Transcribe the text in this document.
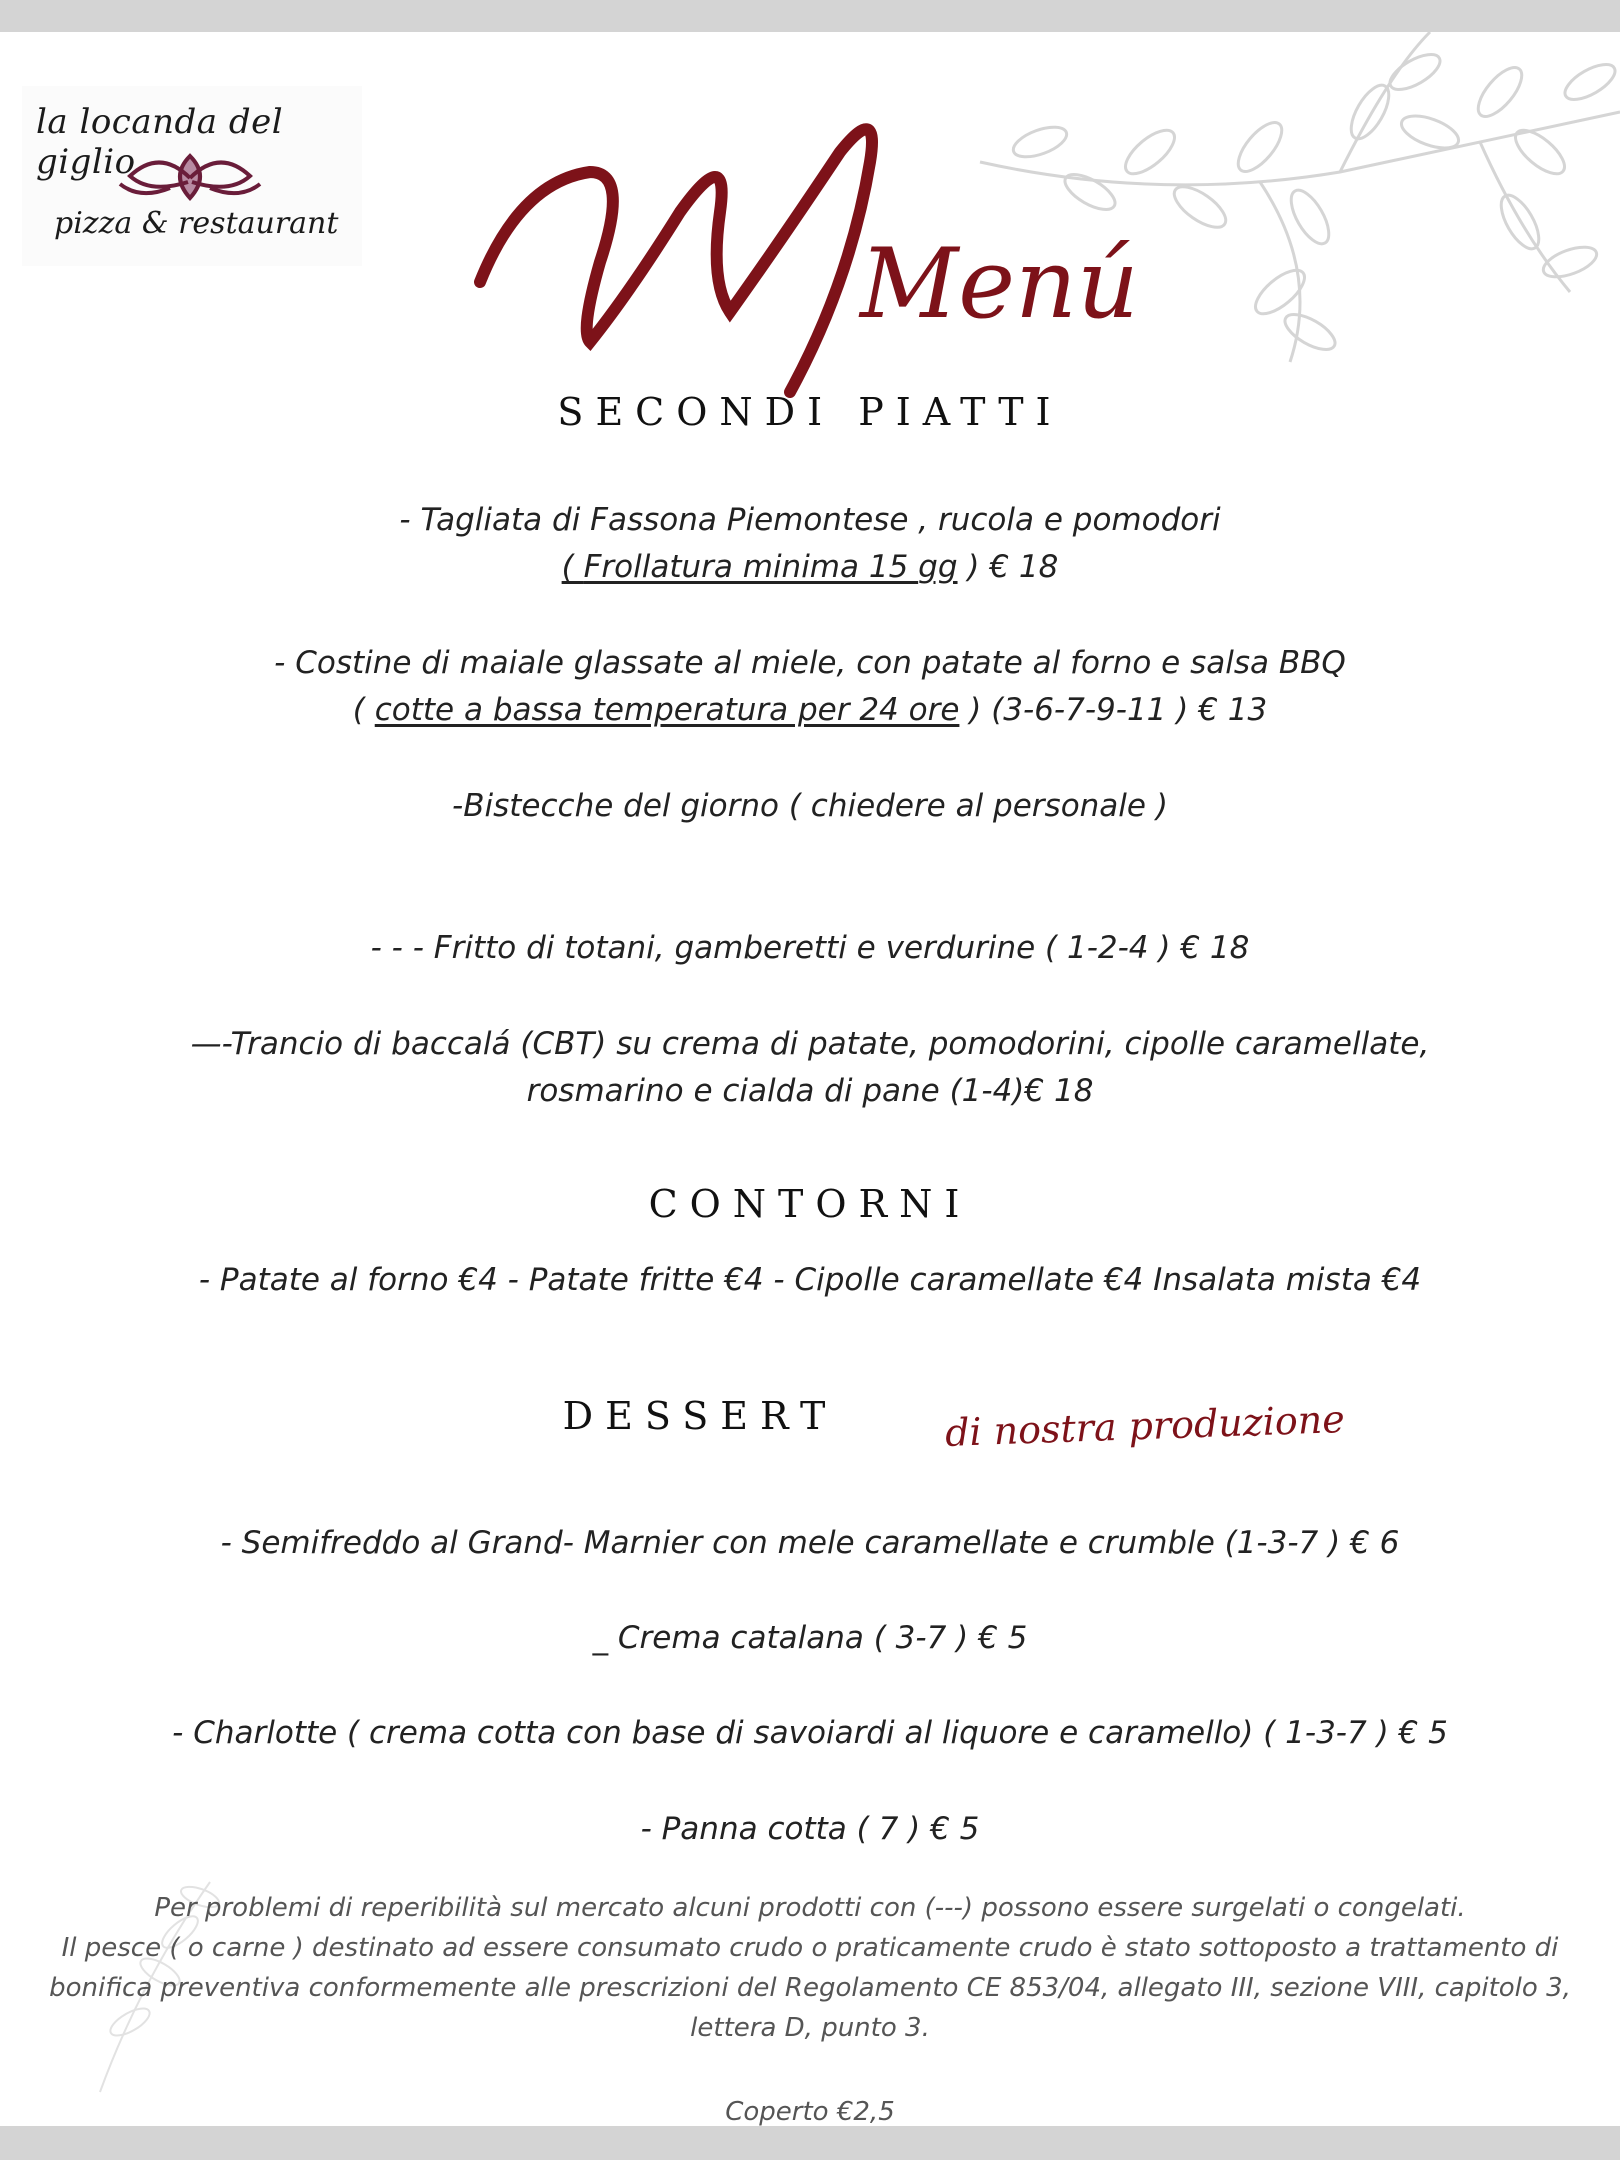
la locanda del giglio
pizza & restaurant
Menú
SECONDI PIATTI
- Tagliata di Fassona Piemontese , rucola e pomodori
( Frollatura minima 15 gg ) € 18
- Costine di maiale glassate al miele, con patate al forno e salsa BBQ
( cotte a bassa temperatura per 24 ore ) (3-6-7-9-11 ) € 13
-Bistecche del giorno ( chiedere al personale )
- - - Fritto di totani, gamberetti e verdurine ( 1-2-4 ) € 18
—-Trancio di baccalá (CBT) su crema di patate, pomodorini, cipolle caramellate,
rosmarino e cialda di pane (1-4)€ 18
CONTORNI
- Patate al forno €4 - Patate fritte €4 - Cipolle caramellate €4 Insalata mista €4
DESSERT	di nostra produzione
- Semifreddo al Grand- Marnier con mele caramellate e crumble (1-3-7 ) € 6
_ Crema catalana ( 3-7 ) € 5
- Charlotte ( crema cotta con base di savoiardi al liquore e caramello) ( 1-3-7 ) € 5
- Panna cotta ( 7 ) € 5
Per problemi di reperibilità sul mercato alcuni prodotti con (---) possono essere surgelati o congelati.
Il pesce ( o carne ) destinato ad essere consumato crudo o praticamente crudo è stato sottoposto a trattamento di
bonifica preventiva conformemente alle prescrizioni del Regolamento CE 853/04, allegato III, sezione VIII, capitolo 3,
lettera D, punto 3.
Coperto €2,5
